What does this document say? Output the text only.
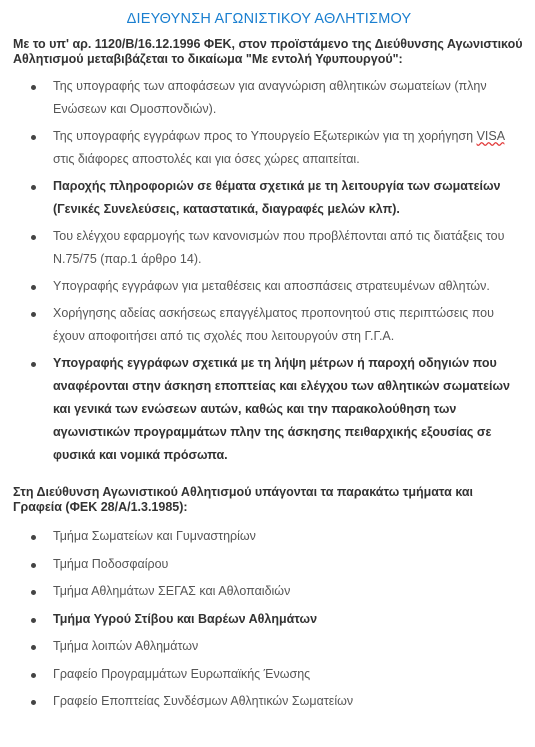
ΔΙΕΥΘΥΝΣΗ ΑΓΩΝΙΣΤΙΚΟΥ ΑΘΛΗΤΙΣΜΟΥ

Με το υπ' αρ. 1120/Β/16.12.1996 ΦΕΚ, στον προϊστάμενο της Διεύθυνσης Αγωνιστικού Αθλητισμού μεταβιβάζεται το δικαίωμα "Με εντολή Υφυπουργού":

Της υπογραφής των αποφάσεων για αναγνώριση αθλητικών σωματείων (πλην Ενώσεων και Ομοσπονδιών).
Της υπογραφής εγγράφων προς το Υπουργείο Εξωτερικών για τη χορήγηση VISA στις διάφορες αποστολές και για όσες χώρες απαιτείται.
Παροχής πληροφοριών σε θέματα σχετικά με τη λειτουργία των σωματείων (Γενικές Συνελεύσεις, καταστατικά, διαγραφές μελών κλπ).
Του ελέγχου εφαρμογής των κανονισμών που προβλέπονται από τις διατάξεις του Ν.75/75 (παρ.1 άρθρο 14).
Υπογραφής εγγράφων για μεταθέσεις και αποσπάσεις στρατευμένων αθλητών.
Χορήγησης αδείας ασκήσεως επαγγέλματος προπονητού στις περιπτώσεις που έχουν αποφοιτήσει από τις σχολές που λειτουργούν στη Γ.Γ.Α.
Υπογραφής εγγράφων σχετικά με τη λήψη μέτρων ή παροχή οδηγιών που αναφέρονται στην άσκηση εποπτείας και ελέγχου των αθλητικών σωματείων και γενικά των ενώσεων αυτών, καθώς και την παρακολούθηση των αγωνιστικών προγραμμάτων πλην της άσκησης πειθαρχικής εξουσίας σε φυσικά και νομικά πρόσωπα.

Στη Διεύθυνση Αγωνιστικού Αθλητισμού υπάγονται τα παρακάτω τμήματα και Γραφεία (ΦΕΚ 28/Α/1.3.1985):

Τμήμα Σωματείων και Γυμναστηρίων
Τμήμα Ποδοσφαίρου
Τμήμα Αθλημάτων ΣΕΓΑΣ και Αθλοπαιδιών
Τμήμα Υγρού Στίβου και Βαρέων Αθλημάτων
Τμήμα λοιπών Αθλημάτων
Γραφείο Προγραμμάτων Ευρωπαϊκής Ένωσης
Γραφείο Εποπτείας Συνδέσμων Αθλητικών Σωματείων
